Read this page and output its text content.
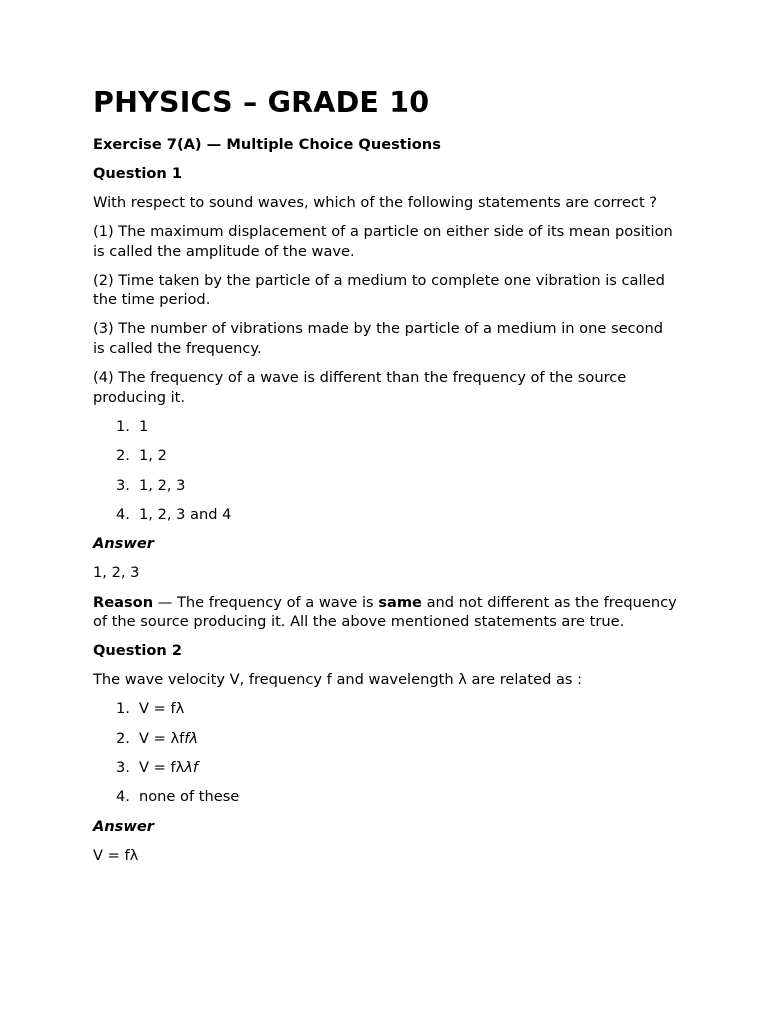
PHYSICS – GRADE 10
Exercise 7(A) — Multiple Choice Questions
Question 1

With respect to sound waves, which of the following statements are correct ?

(1) The maximum displacement of a particle on either side of its mean position is called the amplitude of the wave.

(2) Time taken by the particle of a medium to complete one vibration is called the time period.

(3) The number of vibrations made by the particle of a medium in one second is called the frequency.

(4) The frequency of a wave is different than the frequency of the source producing it.

1. 1
2. 1, 2
3. 1, 2, 3
4. 1, 2, 3 and 4
Answer

1, 2, 3

Reason — The frequency of a wave is same and not different as the frequency of the source producing it. All the above mentioned statements are true.

Question 2

The wave velocity V, frequency f and wavelength λ are related as :

1. V = fλ
2. V = λffλ
3. V = fλλf
4. none of these
Answer

V = fλ
